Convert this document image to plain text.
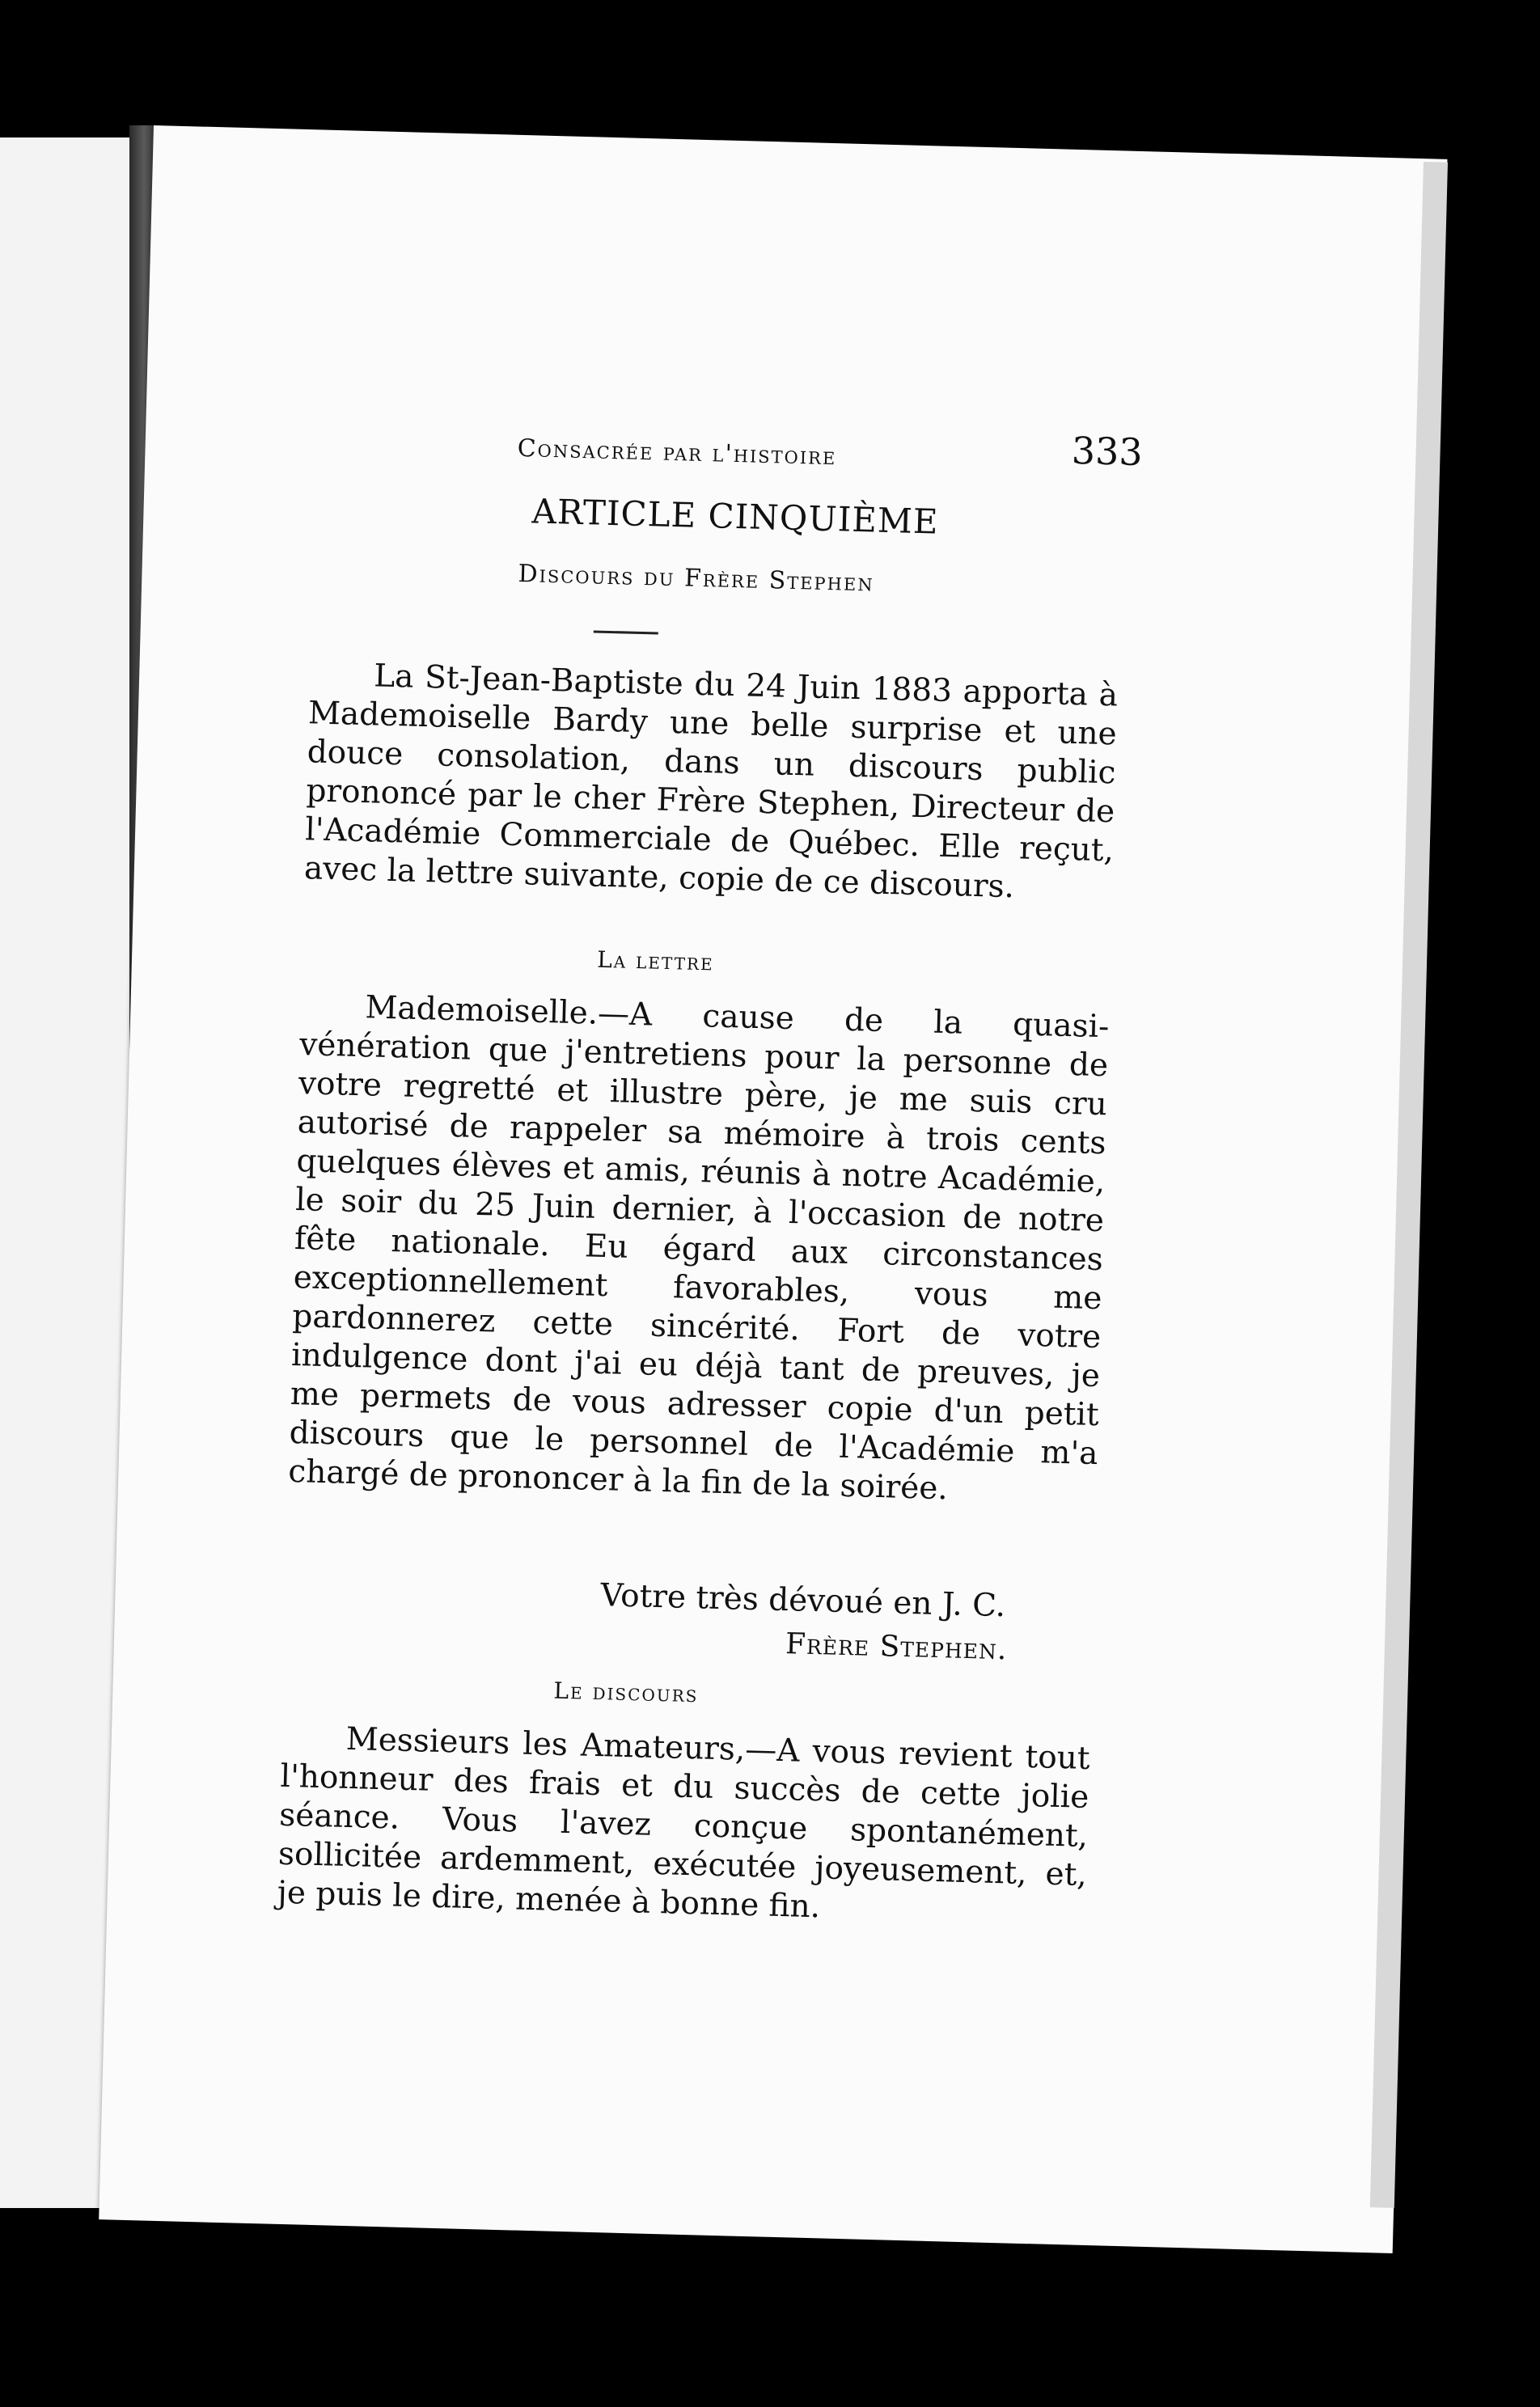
Consacrée par l'histoire	333
ARTICLE CINQUIÈME
Discours du Frère Stephen

La St-Jean-Baptiste du 24 Juin 1883 apporta à Mademoiselle Bardy une belle surprise et une douce consolation, dans un discours public prononcé par le cher Frère Stephen, Directeur de l'Académie Commerciale de Québec. Elle reçut, avec la lettre suivante, copie de ce discours.

La lettre

Mademoiselle.—A cause de la quasi-vénération que j'entretiens pour la personne de votre regretté et illustre père, je me suis cru autorisé de rappeler sa mémoire à trois cents quelques élèves et amis, réunis à notre Académie, le soir du 25 Juin dernier, à l'occasion de notre fête nationale. Eu égard aux circonstances exceptionnellement favorables, vous me pardonnerez cette sincérité. Fort de votre indulgence dont j'ai eu déjà tant de preuves, je me permets de vous adresser copie d'un petit discours que le personnel de l'Académie m'a chargé de prononcer à la fin de la soirée.

Votre très dévoué en J. C.
Frère Stephen.
Le discours

Messieurs les Amateurs,—A vous revient tout l'honneur des frais et du succès de cette jolie séance. Vous l'avez conçue spontanément, sollicitée ardemment, exécutée joyeusement, et, je puis le dire, menée à bonne fin.
